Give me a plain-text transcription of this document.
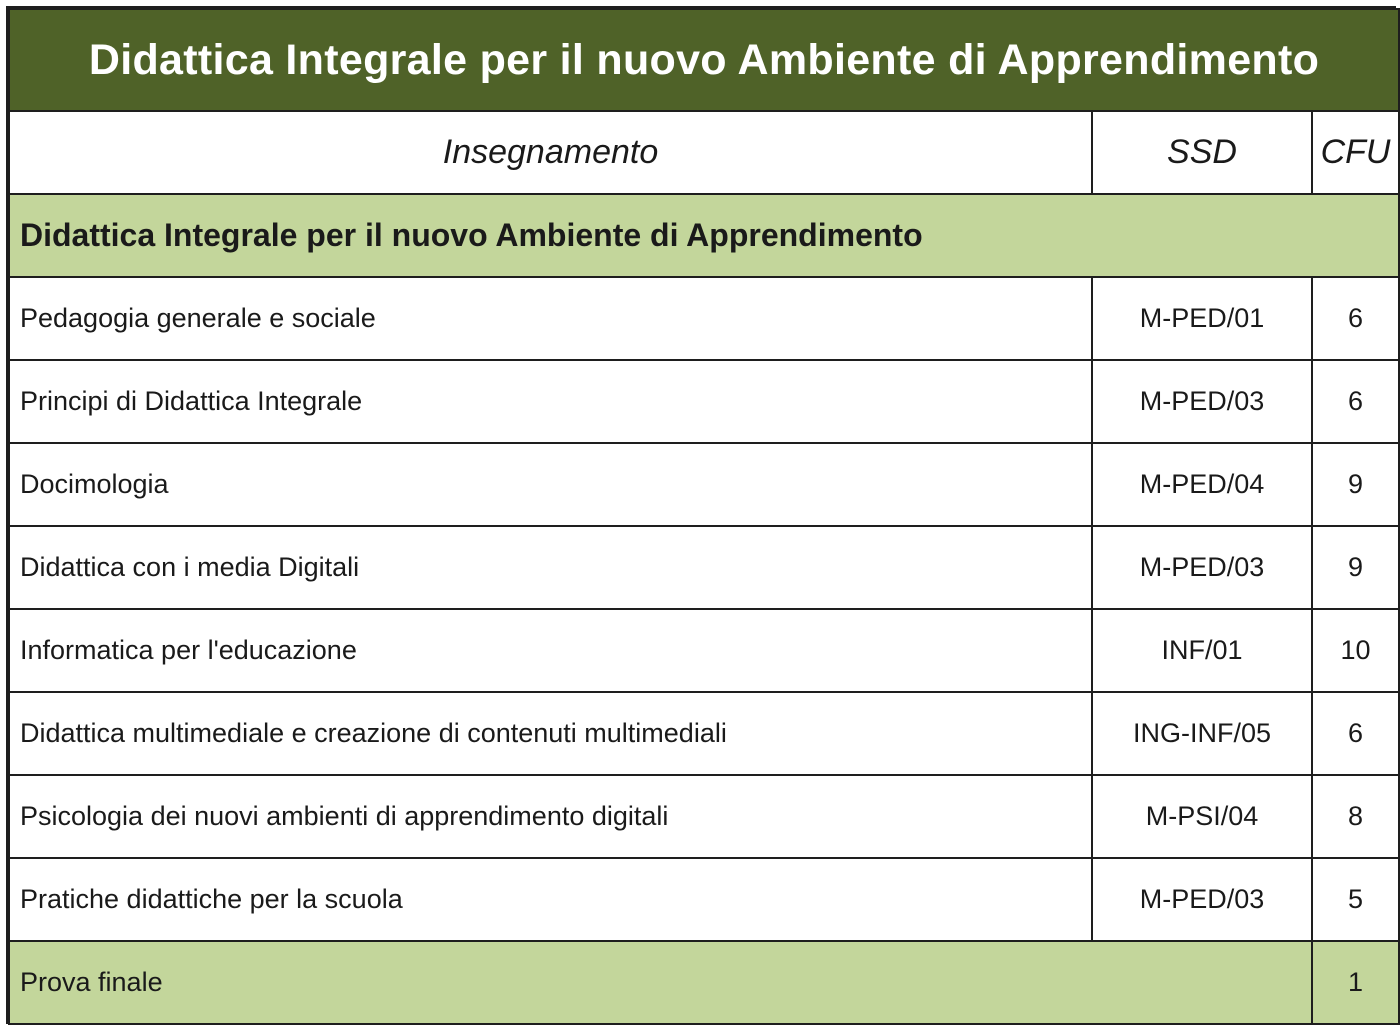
Didattica Integrale per il nuovo Ambiente di Apprendimento		
Insegnamento	SSD	CFU
Didattica Integrale per il nuovo Ambiente di Apprendimento		
Pedagogia generale e sociale	M-PED/01	6
Principi di Didattica Integrale	M-PED/03	6
Docimologia	M-PED/04	9
Didattica con i media Digitali	M-PED/03	9
Informatica per l'educazione	INF/01	10
Didattica multimediale e creazione di contenuti multimediali	ING-INF/05	6
Psicologia dei nuovi ambienti di apprendimento digitali	M-PSI/04	8
Pratiche didattiche per la scuola	M-PED/03	5
Prova finale		1
